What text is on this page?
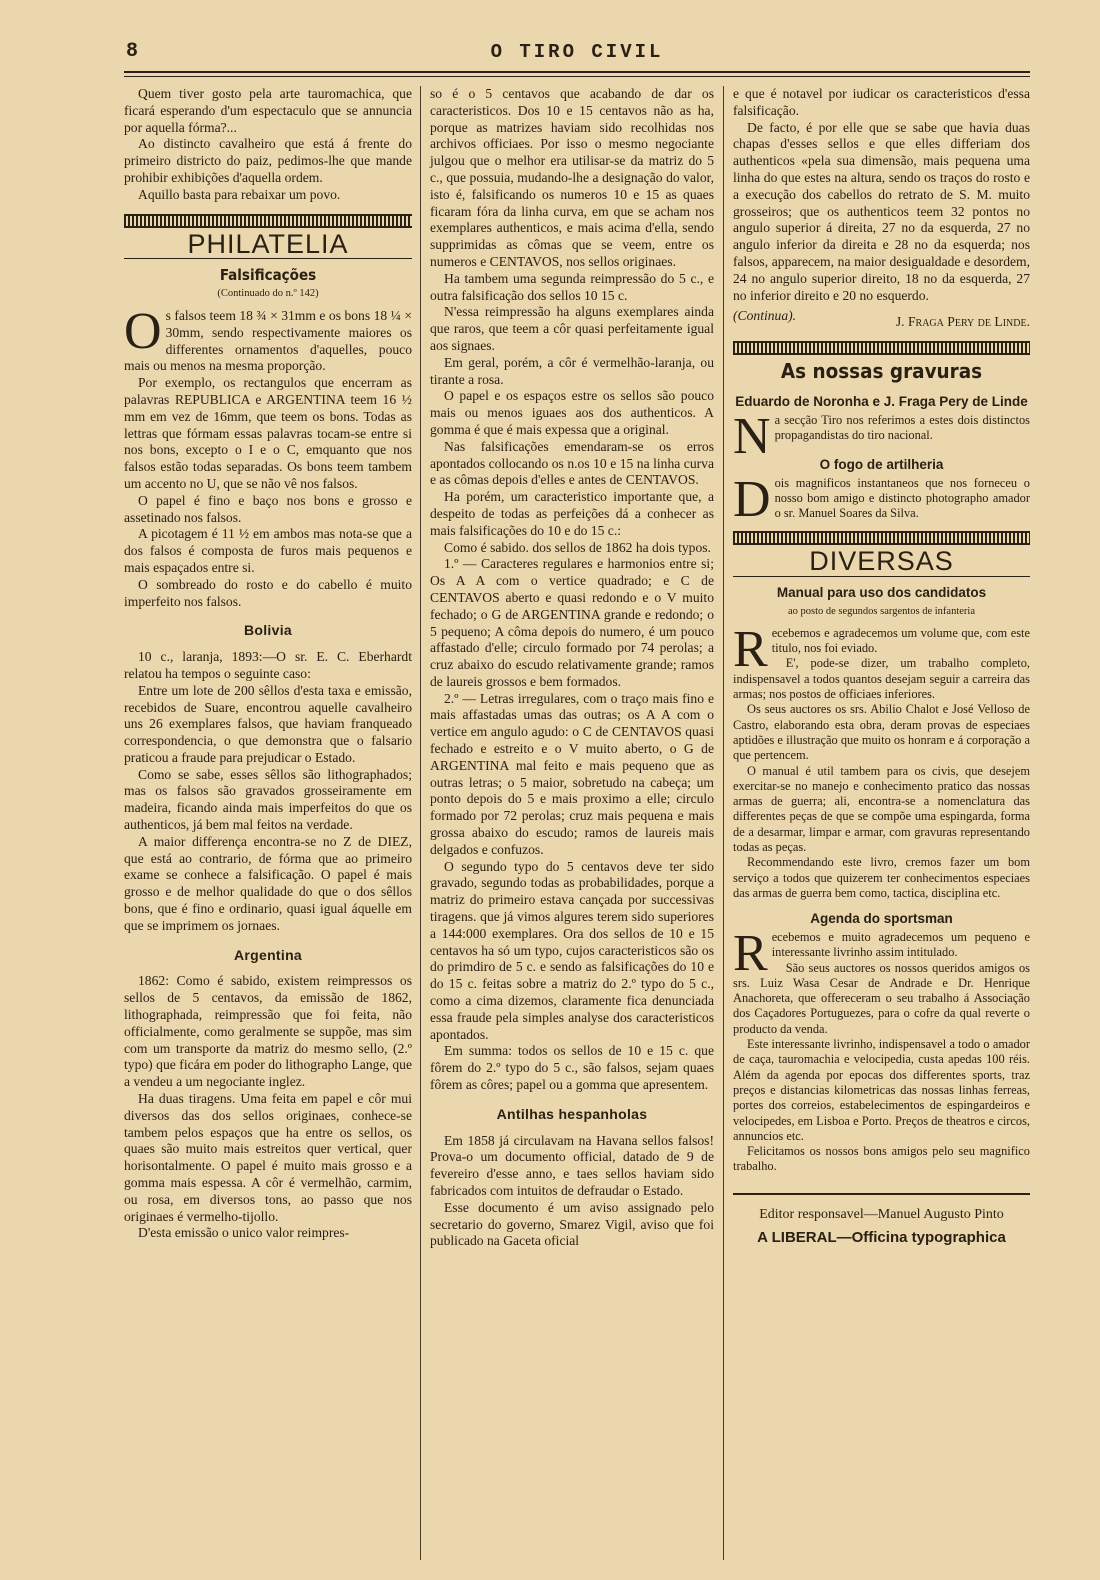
8	O TIRO CIVIL

Quem tiver gosto pela arte tauromachica, que ficará esperando d'um espectaculo que se annuncia por aquella fórma?...

Ao distincto cavalheiro que está á frente do primeiro districto do paiz, pedimos-lhe que mande prohibir exhibições d'aquella ordem.

Aquillo basta para rebaixar um povo.

PHILATELIA
Falsificações
(Continuado do n.º 142)

Os falsos teem 18 ¾ × 31mm e os bons 18 ¼ × 30mm, sendo respectivamente maiores os differentes ornamentos d'aquelles, pouco mais ou menos na mesma proporção.

Por exemplo, os rectangulos que encerram as palavras REPUBLICA e ARGENTINA teem 16 ½ mm em vez de 16mm, que teem os bons. Todas as lettras que fórmam essas palavras tocam-se entre si nos bons, excepto o I e o C, emquanto que nos falsos estão todas separadas. Os bons teem tambem um accento no U, que se não vê nos falsos.

O papel é fino e baço nos bons e grosso e assetinado nos falsos.

A picotagem é 11 ½ em ambos mas nota-se que a dos falsos é composta de furos mais pequenos e mais espaçados entre si.

O sombreado do rosto e do cabello é muito imperfeito nos falsos.

Bolivia

10 c., laranja, 1893:—O sr. E. C. Eberhardt relatou ha tempos o seguinte caso:

Entre um lote de 200 sêllos d'esta taxa e emissão, recebidos de Suare, encontrou aquelle cavalheiro uns 26 exemplares falsos, que haviam franqueado correspondencia, o que demonstra que o falsario praticou a fraude para prejudicar o Estado.

Como se sabe, esses sêllos são lithographados; mas os falsos são gravados grosseiramente em madeira, ficando ainda mais imperfeitos do que os authenticos, já bem mal feitos na verdade.

A maior differença encontra-se no Z de DIEZ, que está ao contrario, de fórma que ao primeiro exame se conhece a falsificação. O papel é mais grosso e de melhor qualidade do que o dos sêllos bons, que é fino e ordinario, quasi igual áquelle em que se imprimem os jornaes.

Argentina

1862: Como é sabido, existem reimpressos os sellos de 5 centavos, da emissão de 1862, lithographada, reimpressão que foi feita, não officialmente, como geralmente se suppõe, mas sim com um transporte da matriz do mesmo sello, (2.º typo) que ficára em poder do lithographo Lange, que a vendeu a um negociante inglez.

Ha duas tiragens. Uma feita em papel e côr mui diversos das dos sellos originaes, conhece-se tambem pelos espaços que ha entre os sellos, os quaes são muito mais estreitos quer vertical, quer horisontalmente. O papel é muito mais grosso e a gomma mais espessa. A côr é vermelhão, carmim, ou rosa, em diversos tons, ao passo que nos originaes é vermelho-tijollo.

D'esta emissão o unico valor reimpres-

so é o 5 centavos que acabando de dar os caracteristicos. Dos 10 e 15 centavos não as ha, porque as matrizes haviam sido recolhidas nos archivos officiaes. Por isso o mesmo negociante julgou que o melhor era utilisar-se da matriz do 5 c., que possuia, mudando-lhe a designação do valor, isto é, falsificando os numeros 10 e 15 as quaes ficaram fóra da linha curva, em que se acham nos exemplares authenticos, e mais acima d'ella, sendo supprimidas as cômas que se veem, entre os numeros e CENTAVOS, nos sellos originaes.

Ha tambem uma segunda reimpressão do 5 c., e outra falsificação dos sellos 10 15 c.

N'essa reimpressão ha alguns exemplares ainda que raros, que teem a côr quasi perfeitamente igual aos signaes.

Em geral, porém, a côr é vermelhão-laranja, ou tirante a rosa.

O papel e os espaços estre os sellos são pouco mais ou menos iguaes aos dos authenticos. A gomma é que é mais expessa que a original.

Nas falsificações emendaram-se os erros apontados collocando os n.os 10 e 15 na linha curva e as cômas depois d'elles e antes de CENTAVOS.

Ha porém, um caracteristico importante que, a despeito de todas as perfeições dá a conhecer as mais falsificações do 10 e do 15 c.:

Como é sabido. dos sellos de 1862 ha dois typos.

1.º — Caracteres regulares e harmonios entre si; Os A A com o vertice quadrado; e C de CENTAVOS aberto e quasi redondo e o V muito fechado; o G de ARGENTINA grande e redondo; o 5 pequeno; A côma depois do numero, é um pouco affastado d'elle; circulo formado por 74 perolas; a cruz abaixo do escudo relativamente grande; ramos de laureis grossos e bem formados.

2.º — Letras irregulares, com o traço mais fino e mais affastadas umas das outras; os A A com o vertice em angulo agudo: o C de CENTAVOS quasi fechado e estreito e o V muito aberto, o G de ARGENTINA mal feito e mais pequeno que as outras letras; o 5 maior, sobretudo na cabeça; um ponto depois do 5 e mais proximo a elle; circulo formado por 72 perolas; cruz mais pequena e mais grossa abaixo do escudo; ramos de laureis mais delgados e confuzos.

O segundo typo do 5 centavos deve ter sido gravado, segundo todas as probabilidades, porque a matriz do primeiro estava cançada por successivas tiragens. que já vimos algures terem sido superiores a 144:000 exemplares. Ora dos sellos de 10 e 15 centavos ha só um typo, cujos caracteristicos são os do primdiro de 5 c. e sendo as falsificações do 10 e do 15 c. feitas sobre a matriz do 2.º typo do 5 c., como a cima dizemos, claramente fica denunciada essa fraude pela simples analyse dos caracteristicos apontados.

Em summa: todos os sellos de 10 e 15 c. que fôrem do 2.º typo do 5 c., são falsos, sejam quaes fôrem as côres; papel ou a gomma que apresentem.

Antilhas hespanholas

Em 1858 já circulavam na Havana sellos falsos! Prova-o um documento official, datado de 9 de fevereiro d'esse anno, e taes sellos haviam sido fabricados com intuitos de defraudar o Estado.

Esse documento é um aviso assignado pelo secretario do governo, Smarez Vigil, aviso que foi publicado na Gaceta oficial

e que é notavel por iudicar os caracteristicos d'essa falsificação.

De facto, é por elle que se sabe que havia duas chapas d'esses sellos e que elles differiam dos authenticos «pela sua dimensão, mais pequena uma linha do que estes na altura, sendo os traços do rosto e a execução dos cabellos do retrato de S. M. muito grosseiros; que os authenticos teem 32 pontos no angulo superior á direita, 27 no da esquerda, 27 no angulo inferior da direita e 28 no da esquerda; nos falsos, apparecem, na maior desigualdade e desordem, 24 no angulo superior direito, 18 no da esquerda, 27 no inferior direito e 20 no esquerdo.

(Continua).	J. Fraga Pery de Linde.
As nossas gravuras
Eduardo de Noronha e J. Fraga Pery de Linde

Na secção Tiro nos referimos a estes dois distinctos propagandistas do tiro nacional.

O fogo de artilheria

Dois magnificos instantaneos que nos forneceu o nosso bom amigo e distincto photographo amador o sr. Manuel Soares da Silva.

DIVERSAS
Manual para uso dos candidatos
ao posto de segundos sargentos de infanteria

Recebemos e agradecemos um volume que, com este titulo, nos foi eviado.

E', pode-se dizer, um trabalho completo, indispensavel a todos quantos desejam seguir a carreira das armas; nos postos de officiaes inferiores.

Os seus auctores os srs. Abilio Chalot e José Velloso de Castro, elaborando esta obra, deram provas de especiaes aptidões e illustração que muito os honram e á corporação a que pertencem.

O manual é util tambem para os civis, que desejem exercitar-se no manejo e conhecimento pratico das nossas armas de guerra; ali, encontra-se a nomenclatura das differentes peças de que se compõe uma espingarda, forma de a desarmar, limpar e armar, com gravuras representando todas as peças.

Recommendando este livro, cremos fazer um bom serviço a todos que quizerem ter conhecimentos especiaes das armas de guerra bem como, tactica, disciplina etc.

Agenda do sportsman

Recebemos e muito agradecemos um pequeno e interessante livrinho assim intitulado.

São seus auctores os nossos queridos amigos os srs. Luiz Wasa Cesar de Andrade e Dr. Henrique Anachoreta, que offereceram o seu trabalho á Associação dos Caçadores Portuguezes, para o cofre da qual reverte o producto da venda.

Este interessante livrinho, indispensavel a todo o amador de caça, tauromachia e velocipedia, custa apedas 100 réis. Além da agenda por epocas dos differentes sports, traz preços e distancias kilometricas das nossas linhas ferreas, portes dos correios, estabelecimentos de espingardeiros e velocipedes, em Lisboa e Porto. Preços de theatros e circos, annuncios etc.

Felicitamos os nossos bons amigos pelo seu magnifico trabalho.

Editor responsavel—Manuel Augusto Pinto
A LIBERAL—Officina typographica
